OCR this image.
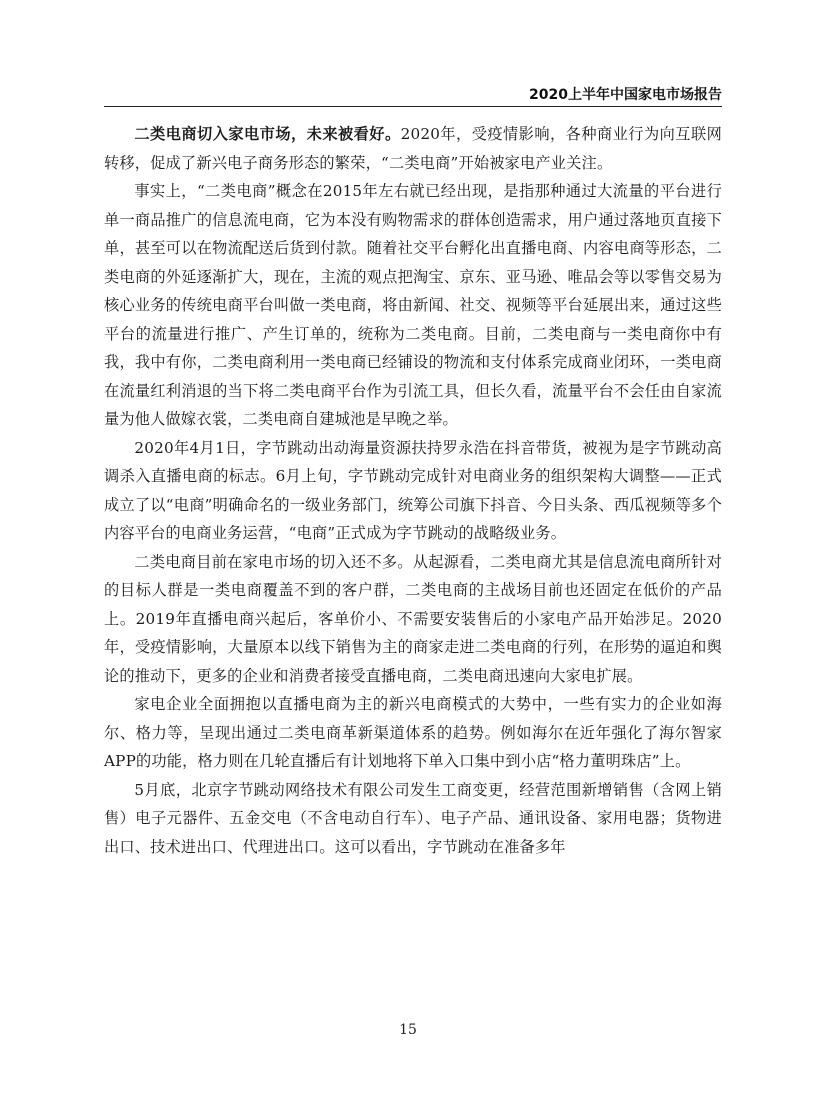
2020上半年中国家电市场报告

二类电商切入家电市场，未来被看好。2020年，受疫情影响，各种商业行为向互联网转移，促成了新兴电子商务形态的繁荣，“二类电商”开始被家电产业关注。

事实上，“二类电商”概念在2015年左右就已经出现，是指那种通过大流量的平台进行单一商品推广的信息流电商，它为本没有购物需求的群体创造需求，用户通过落地页直接下单，甚至可以在物流配送后货到付款。随着社交平台孵化出直播电商、内容电商等形态，二类电商的外延逐渐扩大，现在，主流的观点把淘宝、京东、亚马逊、唯品会等以零售交易为核心业务的传统电商平台叫做一类电商，将由新闻、社交、视频等平台延展出来，通过这些平台的流量进行推广、产生订单的，统称为二类电商。目前，二类电商与一类电商你中有我，我中有你，二类电商利用一类电商已经铺设的物流和支付体系完成商业闭环，一类电商在流量红利消退的当下将二类电商平台作为引流工具，但长久看，流量平台不会任由自家流量为他人做嫁衣裳，二类电商自建城池是早晚之举。

2020年4月1日，字节跳动出动海量资源扶持罗永浩在抖音带货，被视为是字节跳动高调杀入直播电商的标志。6月上旬，字节跳动完成针对电商业务的组织架构大调整——正式成立了以“电商”明确命名的一级业务部门，统筹公司旗下抖音、今日头条、西瓜视频等多个内容平台的电商业务运营，“电商”正式成为字节跳动的战略级业务。

二类电商目前在家电市场的切入还不多。从起源看，二类电商尤其是信息流电商所针对的目标人群是一类电商覆盖不到的客户群，二类电商的主战场目前也还固定在低价的产品上。2019年直播电商兴起后，客单价小、不需要安装售后的小家电产品开始涉足。2020年，受疫情影响，大量原本以线下销售为主的商家走进二类电商的行列，在形势的逼迫和舆论的推动下，更多的企业和消费者接受直播电商，二类电商迅速向大家电扩展。

家电企业全面拥抱以直播电商为主的新兴电商模式的大势中，一些有实力的企业如海尔、格力等，呈现出通过二类电商革新渠道体系的趋势。例如海尔在近年强化了海尔智家APP的功能，格力则在几轮直播后有计划地将下单入口集中到小店“格力董明珠店”上。

5月底，北京字节跳动网络技术有限公司发生工商变更，经营范围新增销售（含网上销售）电子元器件、五金交电（不含电动自行车）、电子产品、通讯设备、家用电器；货物进出口、技术进出口、代理进出口。这可以看出，字节跳动在准备多年

15
